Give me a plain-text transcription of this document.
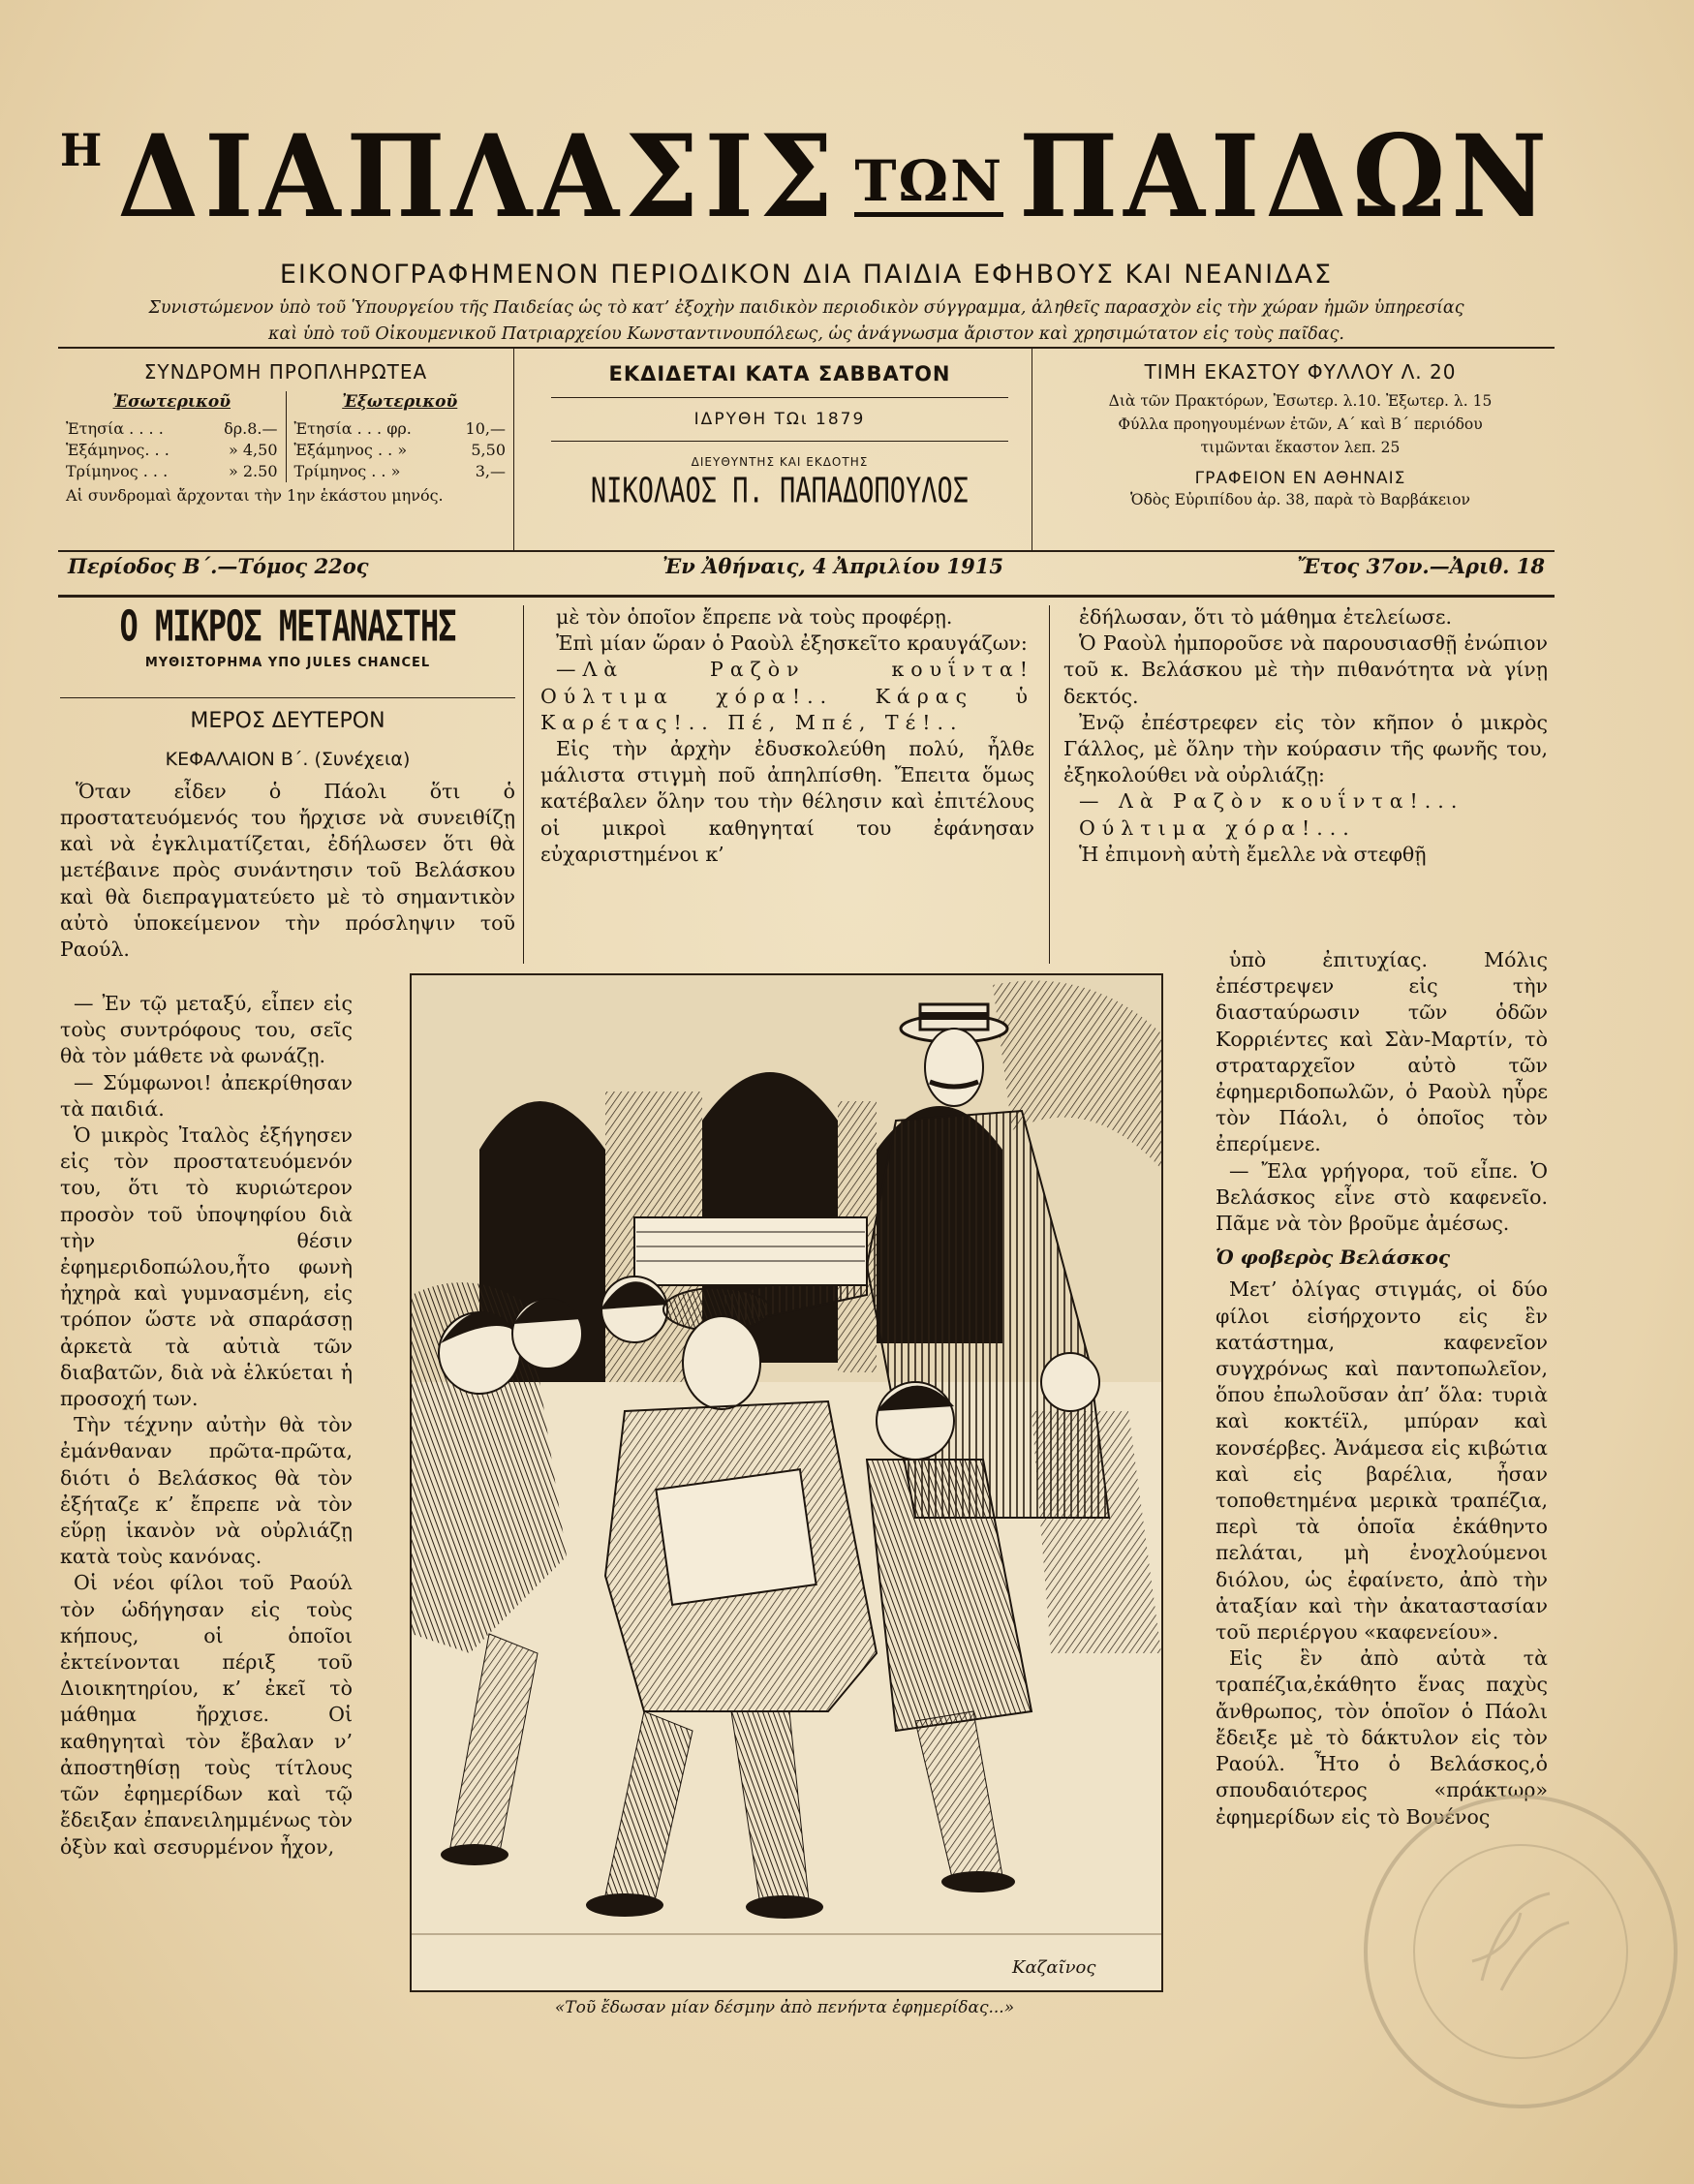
Η ΔΙΑΠΛΑΣΙΣ ΤΩΝ ΠΑΙΔΩΝ
ΕΙΚΟΝΟΓΡΑΦΗΜΕΝΟΝ ΠΕΡΙΟΔΙΚΟΝ ΔΙΑ ΠΑΙΔΙΑ ΕΦΗΒΟΥΣ ΚΑΙ ΝΕΑΝΙΔΑΣ
Συνιστώμενον ὑπὸ τοῦ Ὑπουργείου τῆς Παιδείας ὡς τὸ κατ’ ἐξοχὴν παιδικὸν περιοδικὸν σύγγραμμα, ἀληθεῖς παρασχὸν εἰς τὴν χώραν ἡμῶν ὑπηρεσίας
καὶ ὑπὸ τοῦ Οἰκουμενικοῦ Πατριαρχείου Κωνσταντινουπόλεως, ὡς ἀνάγνωσμα ἄριστον καὶ χρησιμώτατον εἰς τοὺς παῖδας.
ΣΥΝΔΡΟΜΗ ΠΡΟΠΛΗΡΩΤΕΑ
Ἐσωτερικοῦ
Ἐτησία . . . .	δρ.8.—
Ἑξάμηνος. . .	» 4,50
Τρίμηνος . . .	» 2.50
Ἐξωτερικοῦ
Ἐτησία . . . φρ.	10,—
Ἑξάμηνος . . »	5,50
Τρίμηνος . . »	3,—
Αἱ συνδρομαὶ ἄρχονται τὴν 1ην ἑκάστου μηνός.
ΕΚΔΙΔΕΤΑΙ ΚΑΤΑ ΣΑΒΒΑΤΟΝ
ΙΔΡΥΘΗ ΤΩι 1879
ΔΙΕΥΘΥΝΤΗΣ ΚΑΙ ΕΚΔΟΤΗΣ
ΝΙΚΟΛΑΟΣ Π. ΠΑΠΑΔΟΠΟΥΛΟΣ
ΤΙΜΗ ΕΚΑΣΤΟΥ ΦΥΛΛΟΥ Λ. 20
Διὰ τῶν Πρακτόρων, Ἐσωτερ. λ.10. Ἐξωτερ. λ. 15
Φύλλα προηγουμένων ἐτῶν, Α΄ καὶ Β΄ περιόδου
τιμῶνται ἕκαστον λεπ. 25
ΓΡΑΦΕΙΟΝ ΕΝ ΑΘΗΝΑΙΣ
Ὁδὸς Εὐριπίδου ἀρ. 38, παρὰ τὸ Βαρβάκειον
Περίοδος Β΄.—Τόμος 22ος	Ἐν Ἀθήναις, 4 Ἀπριλίου 1915	Ἔτος 37ον.—Ἀριθ. 18
Ο ΜΙΚΡΟΣ ΜΕΤΑΝΑΣΤΗΣ
ΜΥΘΙΣΤΟΡΗΜΑ ΥΠΟ JULES CHANCEL
ΜΕΡΟΣ ΔΕΥΤΕΡΟΝ
ΚΕΦΑΛΑΙΟΝ Β΄. (Συνέχεια)

Ὅταν εἶδεν ὁ Πάολι ὅτι ὁ προστατευόμενός του ἤρχισε νὰ συνειθίζῃ καὶ νὰ ἐγκλιματίζεται, ἐδήλωσεν ὅτι θὰ μετέβαινε πρὸς συνάντησιν τοῦ Βελάσκου καὶ θὰ διεπραγματεύετο μὲ τὸ σημαντικὸν αὐτὸ ὑποκείμενον τὴν πρόσληψιν τοῦ Ραούλ.

— Ἐν τῷ μεταξύ, εἶπεν εἰς τοὺς συντρόφους του, σεῖς θὰ τὸν μάθετε νὰ φωνάζῃ.

— Σύμφωνοι! ἀπεκρίθησαν τὰ παιδιά.

Ὁ μικρὸς Ἰταλὸς ἐξήγησεν εἰς τὸν προστατευόμενόν του, ὅτι τὸ κυριώτερον προσὸν τοῦ ὑποψηφίου διὰ τὴν θέσιν ἐφημεριδοπώλου,ἦτο φωνὴ ἠχηρὰ καὶ γυμνασμένη, εἰς τρόπον ὥστε νὰ σπαράσσῃ ἀρκετὰ τὰ αὐτιὰ τῶν διαβατῶν, διὰ νὰ ἑλκύεται ἡ προσοχή των.

Τὴν τέχνην αὐτὴν θὰ τὸν ἐμάνθαναν πρῶτα-πρῶτα, διότι ὁ Βελάσκος θὰ τὸν ἐξήταζε κ’ ἔπρεπε νὰ τὸν εὕρῃ ἱκανὸν νὰ οὐρλιάζῃ κατὰ τοὺς κανόνας.

Οἱ νέοι φίλοι τοῦ Ραούλ τὸν ὡδήγησαν εἰς τοὺς κήπους, οἱ ὁποῖοι ἐκτείνονται πέριξ τοῦ Διοικητηρίου, κ’ ἐκεῖ τὸ μάθημα ἤρχισε. Οἱ καθηγηταὶ τὸν ἔβαλαν ν’ ἀποστηθίσῃ τοὺς τίτλους τῶν ἐφημερίδων καὶ τῷ ἔδειξαν ἐπανειλημμένως τὸν ὀξὺν καὶ σεσυρμένον ἦχον,

μὲ τὸν ὁποῖον ἔπρεπε νὰ τοὺς προφέρῃ.

Ἐπὶ μίαν ὥραν ὁ Ραοὺλ ἐξησκεῖτο κραυγάζων:

—Λὰ Ραζὸν κουΐντα! Ούλτιμα χόρα!.. Κάρας ὑ Καρέτας!.. Πέ, Μπέ, Τέ!..

Εἰς τὴν ἀρχὴν ἐδυσκολεύθη πολύ, ἦλθε μάλιστα στιγμὴ ποῦ ἀπηλπίσθη. Ἔπειτα ὅμως κατέβαλεν ὅλην του τὴν θέλησιν καὶ ἐπιτέλους οἱ μικροὶ καθηγηταί του ἐφάνησαν εὐχαριστημένοι κ’

ἐδήλωσαν, ὅτι τὸ μάθημα ἐτελείωσε.

Ὁ Ραοὺλ ἠμποροῦσε νὰ παρουσιασθῇ ἐνώπιον τοῦ κ. Βελάσκου μὲ τὴν πιθανότητα νὰ γίνῃ δεκτός.

Ἐνῷ ἐπέστρεφεν εἰς τὸν κῆπον ὁ μικρὸς Γάλλος, μὲ ὅλην τὴν κούρασιν τῆς φωνῆς του, ἐξηκολούθει νὰ οὐρλιάζῃ:

— Λὰ Ραζὸν κουΐντα!...

Ούλτιμα χόρα!...

Ἡ ἐπιμονὴ αὐτὴ ἔμελλε νὰ στεφθῇ

ὑπὸ ἐπιτυχίας. Μόλις ἐπέστρεψεν εἰς τὴν διασταύρωσιν τῶν ὁδῶν Κορριέντες καὶ Σὰν-Μαρτίν, τὸ στραταρχεῖον αὐτὸ τῶν ἐφημεριδοπωλῶν, ὁ Ραοὺλ ηὗρε τὸν Πάολι, ὁ ὁποῖος τὸν ἐπερίμενε.

— Ἔλα γρήγορα, τοῦ εἶπε. Ὁ Βελάσκος εἶνε στὸ καφενεῖο. Πᾶμε νὰ τὸν βροῦμε ἀμέσως.

Ὁ φοβερὸς Βελάσκος

Μετ’ ὀλίγας στιγμάς, οἱ δύο φίλοι εἰσήρχοντο εἰς ἓν κατάστημα, καφενεῖον συγχρόνως καὶ παντοπωλεῖον, ὅπου ἐπωλοῦσαν ἀπ’ ὅλα: τυριὰ καὶ κοκτέϊλ, μπύραν καὶ κονσέρβες. Ἀνάμεσα εἰς κιβώτια καὶ εἰς βαρέλια, ἦσαν τοποθετημένα μερικὰ τραπέζια, περὶ τὰ ὁποῖα ἐκάθηντο πελάται, μὴ ἐνοχλούμενοι διόλου, ὡς ἐφαίνετο, ἀπὸ τὴν ἀταξίαν καὶ τὴν ἀκαταστασίαν τοῦ περιέργου «καφενείου».

Εἰς ἓν ἀπὸ αὐτὰ τὰ τραπέζια,ἐκάθητο ἕνας παχὺς ἄνθρωπος, τὸν ὁποῖον ὁ Πάολι ἔδειξε μὲ τὸ δάκτυλον εἰς τὸν Ραούλ. Ἦτο ὁ Βελάσκος,ὁ σπουδαιότερος «πράκτωρ» ἐφημερίδων εἰς τὸ Βουένος

Καζαῖνος
«Τοῦ ἔδωσαν μίαν δέσμην ἀπὸ πενήντα ἐφημερίδας...»
